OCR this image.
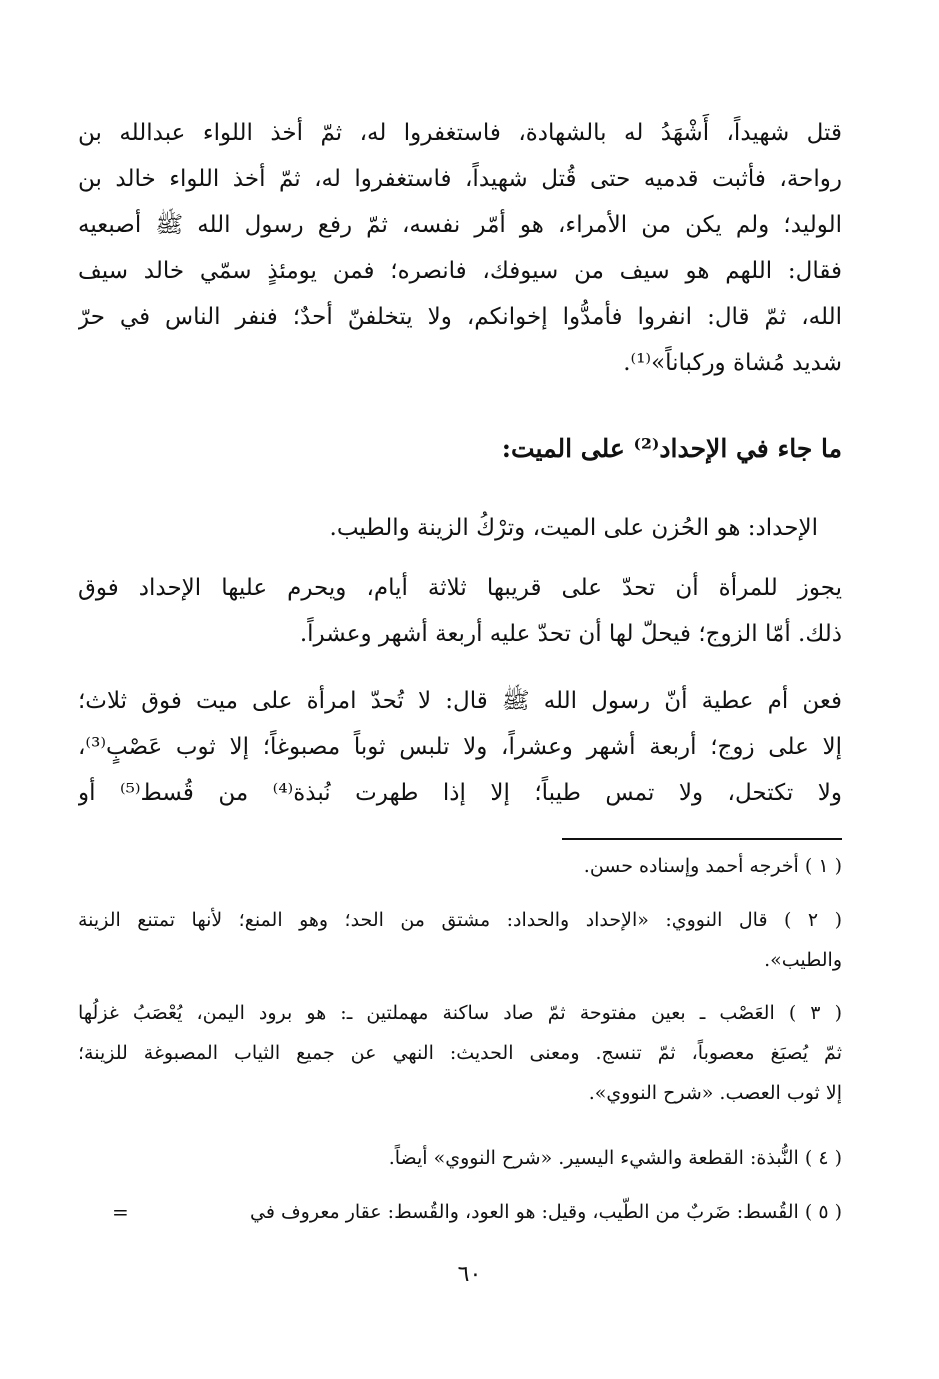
قتل شهيداً، أَشْهَدُ له بالشهادة، فاستغفروا له، ثمّ أخذ اللواء عبدالله بن
رواحة، فأثبت قدميه حتى قُتل شهيداً، فاستغفروا له، ثمّ أخذ اللواء خالد بن
الوليد؛ ولم يكن من الأمراء، هو أمّر نفسه، ثمّ رفع رسول الله ﷺ أصبعيه
فقال: اللهم هو سيف من سيوفك، فانصره؛ فمن يومئذٍ سمّي خالد سيف
الله، ثمّ قال: انفروا فأمدُّوا إخوانكم، ولا يتخلفنّ أحدٌ؛ فنفر الناس في حرّ
شديد مُشاة وركباناً»⁽¹⁾.
ما جاء في الإحداد⁽²⁾ على الميت:
الإحداد: هو الحُزن على الميت، وترْكُ الزينة والطيب.
يجوز للمرأة أن تحدّ على قريبها ثلاثة أيام، ويحرم عليها الإحداد فوق
ذلك. أمّا الزوج؛ فيحلّ لها أن تحدّ عليه أربعة أشهر وعشراً.
فعن أم عطية أنّ رسول الله ﷺ قال: لا تُحدّ امرأة على ميت فوق ثلاث؛
إلا على زوج؛ أربعة أشهر وعشراً، ولا تلبس ثوباً مصبوغاً؛ إلا ثوب عَصْبٍ⁽³⁾،
ولا تكتحل، ولا تمس طيباً؛ إلا إذا طهرت نُبذة⁽⁴⁾ من قُسط⁽⁵⁾ أو
( ١ ) أخرجه أحمد وإسناده حسن.
( ٢ ) قال النووي: «الإحداد والحداد: مشتق من الحد؛ وهو المنع؛ لأنها تمتنع الزينة
والطيب».
( ٣ ) العَصْب ـ بعين مفتوحة ثمّ صاد ساكنة مهملتين ـ: هو برود اليمن، يُعْصَبُ غزلُها
ثمّ يُصبَغ معصوباً، ثمّ تنسج. ومعنى الحديث: النهي عن جميع الثياب المصبوغة للزينة؛
إلا ثوب العصب. «شرح النووي».
( ٤ ) النُّبذة: القطعة والشيء اليسير. «شرح النووي» أيضاً.
( ٥ ) القُسط: ضَربٌ من الطّيب، وقيل: هو العود، والقُسط: عقار معروف في
=
٦٠
